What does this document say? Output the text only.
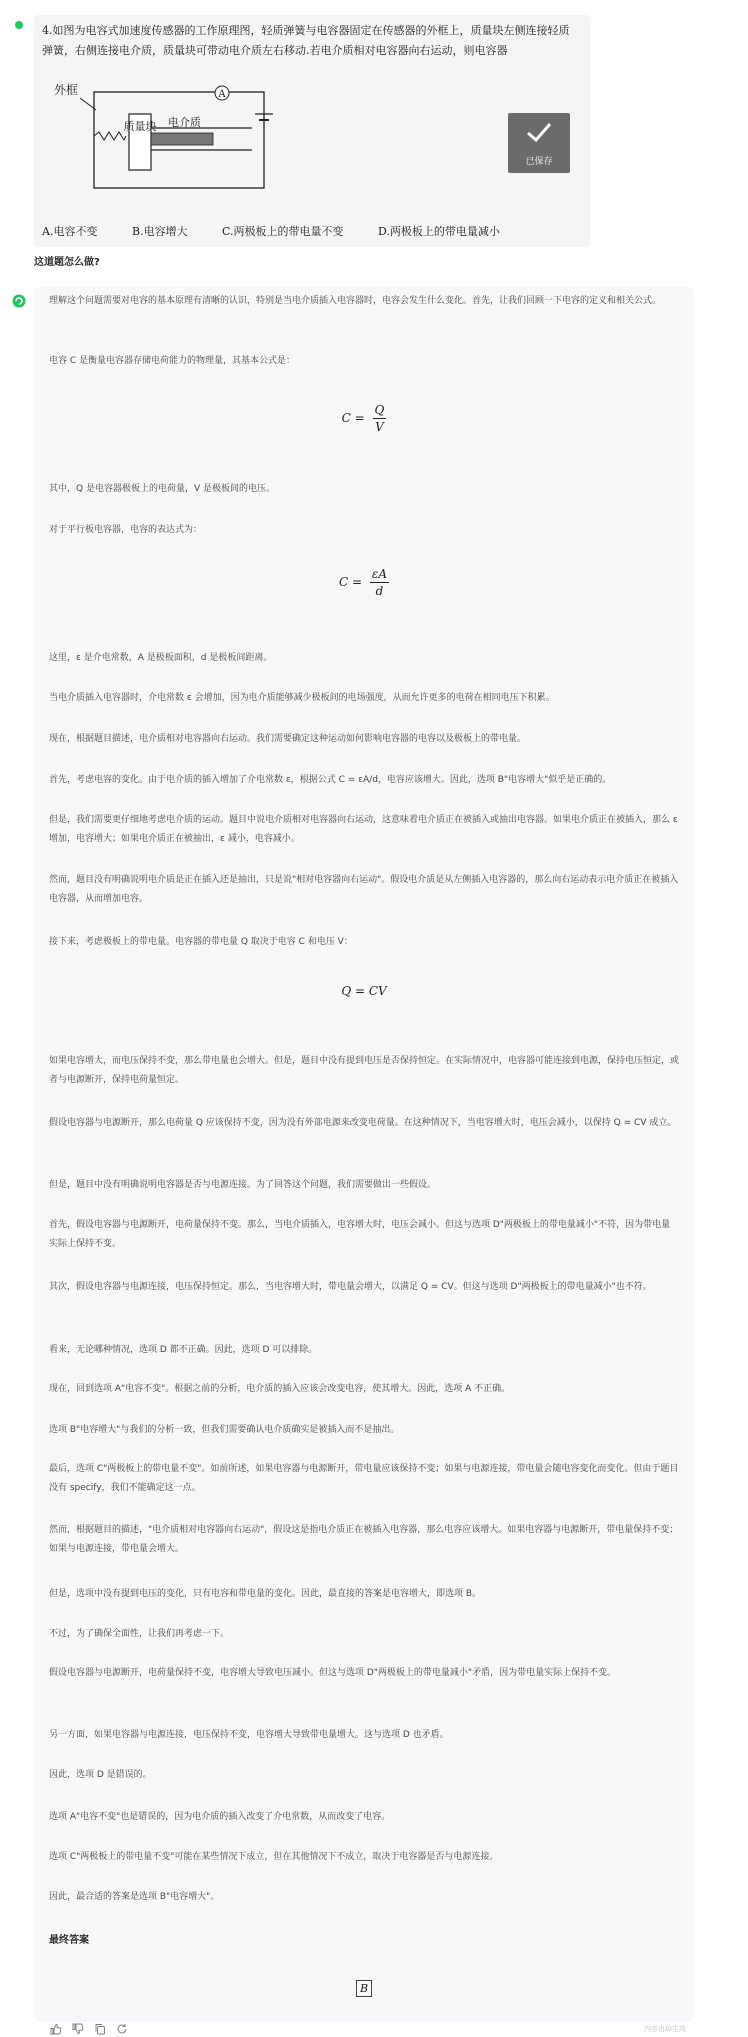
4.如图为电容式加速度传感器的工作原理图，轻质弹簧与电容器固定在传感器的外框上，质量块左侧连接轻质弹簧，右侧连接电介质，质量块可带动电介质左右移动.若电介质相对电容器向右运动，则电容器
外框
质量块 电介质
A
已保存
A.电容不变	B.电容增大	C.两极板上的带电量不变	D.两极板上的带电量减小
这道题怎么做?
理解这个问题需要对电容的基本原理有清晰的认识，特别是当电介质插入电容器时，电容会发生什么变化。首先，让我们回顾一下电容的定义和相关公式。
电容 C 是衡量电容器存储电荷能力的物理量，其基本公式是：
$C = \frac{Q}{V}$
其中，Q 是电容器极板上的电荷量，V 是极板间的电压。
对于平行板电容器，电容的表达式为：
$C = \frac{\varepsilon A}{d}$
这里，ε 是介电常数，A 是极板面积，d 是极板间距离。
当电介质插入电容器时，介电常数 ε 会增加，因为电介质能够减少极板间的电场强度，从而允许更多的电荷在相同电压下积累。
现在，根据题目描述，电介质相对电容器向右运动。我们需要确定这种运动如何影响电容器的电容以及极板上的带电量。
首先，考虑电容的变化。由于电介质的插入增加了介电常数 ε，根据公式 C = εA/d，电容应该增大。因此，选项 B"电容增大"似乎是正确的。
但是，我们需要更仔细地考虑电介质的运动。题目中说电介质相对电容器向右运动，这意味着电介质正在被插入或抽出电容器。如果电介质正在被插入，那么 ε 增加，电容增大；如果电介质正在被抽出，ε 减小，电容减小。
然而，题目没有明确说明电介质是正在插入还是抽出，只是说"相对电容器向右运动"。假设电介质是从左侧插入电容器的，那么向右运动表示电介质正在被插入电容器，从而增加电容。
接下来，考虑极板上的带电量。电容器的带电量 Q 取决于电容 C 和电压 V：
Q = CV
如果电容增大，而电压保持不变，那么带电量也会增大。但是，题目中没有提到电压是否保持恒定。在实际情况中，电容器可能连接到电源，保持电压恒定，或者与电源断开，保持电荷量恒定。
假设电容器与电源断开，那么电荷量 Q 应该保持不变，因为没有外部电源来改变电荷量。在这种情况下，当电容增大时，电压会减小，以保持 Q = CV 成立。
但是，题目中没有明确说明电容器是否与电源连接。为了回答这个问题，我们需要做出一些假设。
首先，假设电容器与电源断开，电荷量保持不变。那么，当电介质插入，电容增大时，电压会减小。但这与选项 D"两极板上的带电量减小"不符，因为带电量实际上保持不变。
其次，假设电容器与电源连接，电压保持恒定。那么，当电容增大时，带电量会增大，以满足 Q = CV。但这与选项 D"两极板上的带电量减小"也不符。
看来，无论哪种情况，选项 D 都不正确。因此，选项 D 可以排除。
现在，回到选项 A"电容不变"。根据之前的分析，电介质的插入应该会改变电容，使其增大。因此，选项 A 不正确。
选项 B"电容增大"与我们的分析一致，但我们需要确认电介质确实是被插入而不是抽出。
最后，选项 C"两极板上的带电量不变"。如前所述，如果电容器与电源断开，带电量应该保持不变；如果与电源连接，带电量会随电容变化而变化。但由于题目没有 specify，我们不能确定这一点。
然而，根据题目的描述，"电介质相对电容器向右运动"，假设这是指电介质正在被插入电容器，那么电容应该增大。如果电容器与电源断开，带电量保持不变；如果与电源连接，带电量会增大。
但是，选项中没有提到电压的变化，只有电容和带电量的变化。因此，最直接的答案是电容增大，即选项 B。
不过，为了确保全面性，让我们再考虑一下。
假设电容器与电源断开，电荷量保持不变，电容增大导致电压减小。但这与选项 D"两极板上的带电量减小"矛盾，因为带电量实际上保持不变。
另一方面，如果电容器与电源连接，电压保持不变，电容增大导致带电量增大。这与选项 D 也矛盾。
因此，选项 D 是错误的。
选项 A"电容不变"也是错误的，因为电介质的插入改变了介电常数，从而改变了电容。
选项 C"两极板上的带电量不变"可能在某些情况下成立，但在其他情况下不成立，取决于电容器是否与电源连接。
因此，最合适的答案是选项 B"电容增大"。
最终答案
B
内容由AI生成
